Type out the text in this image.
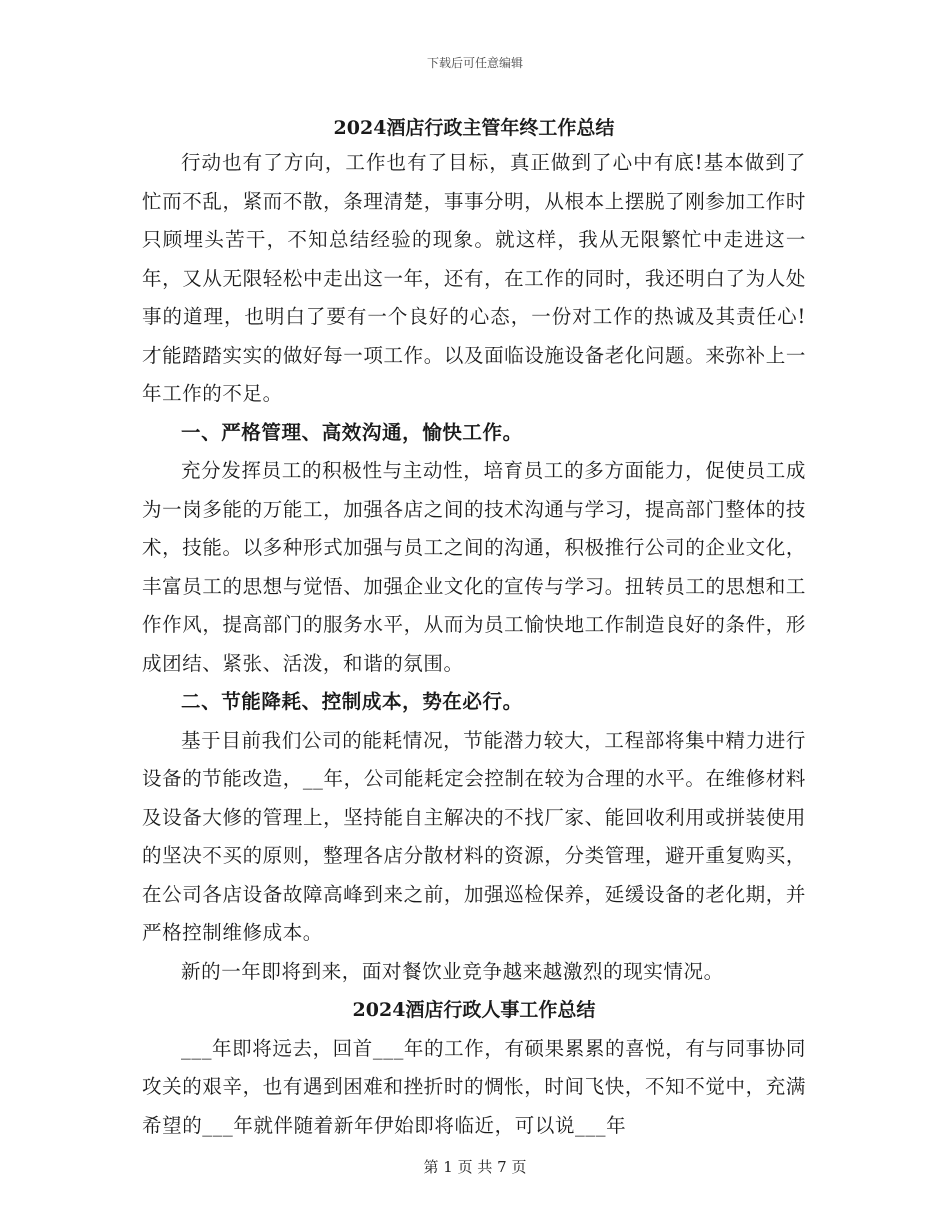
下载后可任意编辑
2024酒店行政主管年终工作总结

行动也有了方向，工作也有了目标，真正做到了心中有底!基本做到了忙而不乱，紧而不散，条理清楚，事事分明，从根本上摆脱了刚参加工作时只顾埋头苦干，不知总结经验的现象。就这样，我从无限繁忙中走进这一年，又从无限轻松中走出这一年，还有，在工作的同时，我还明白了为人处事的道理，也明白了要有一个良好的心态，一份对工作的热诚及其责任心!才能踏踏实实的做好每一项工作。以及面临设施设备老化问题。来弥补上一年工作的不足。

一、严格管理、高效沟通，愉快工作。

充分发挥员工的积极性与主动性，培育员工的多方面能力，促使员工成为一岗多能的万能工，加强各店之间的技术沟通与学习，提高部门整体的技术，技能。以多种形式加强与员工之间的沟通，积极推行公司的企业文化，丰富员工的思想与觉悟、加强企业文化的宣传与学习。扭转员工的思想和工作作风，提高部门的服务水平，从而为员工愉快地工作制造良好的条件，形成团结、紧张、活泼，和谐的氛围。

二、节能降耗、控制成本，势在必行。

基于目前我们公司的能耗情况，节能潜力较大，工程部将集中精力进行设备的节能改造，__年，公司能耗定会控制在较为合理的水平。在维修材料及设备大修的管理上，坚持能自主解决的不找厂家、能回收利用或拼装使用的坚决不买的原则，整理各店分散材料的资源，分类管理，避开重复购买，在公司各店设备故障高峰到来之前，加强巡检保养，延缓设备的老化期，并严格控制维修成本。

新的一年即将到来，面对餐饮业竞争越来越激烈的现实情况。

2024酒店行政人事工作总结

___年即将远去，回首___年的工作，有硕果累累的喜悦，有与同事协同攻关的艰辛，也有遇到困难和挫折时的惆怅，时间飞快，不知不觉中，充满希望的___年就伴随着新年伊始即将临近，可以说___年

第 1 页 共 7 页
